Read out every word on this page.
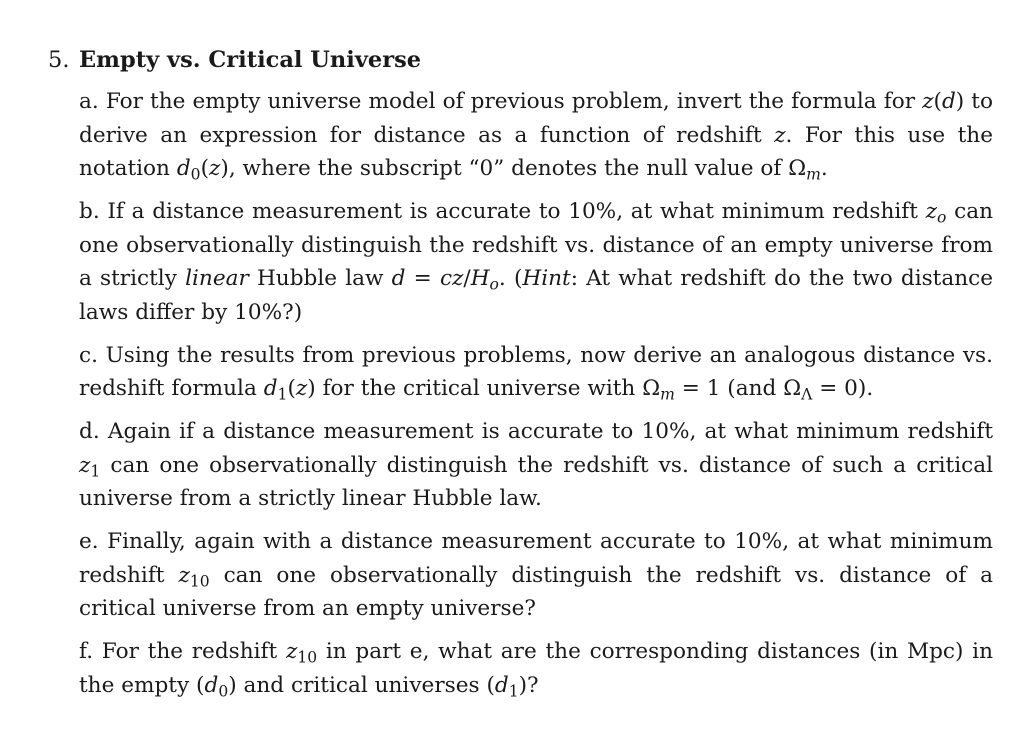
5. Empty vs. Critical Universe
a. For the empty universe model of previous problem, invert the formula for z(d) to derive an expression for distance as a function of redshift z. For this use the notation $d_0(z)$, where the subscript “0” denotes the null value of $\Omega_m$.
b. If a distance measurement is accurate to 10%, at what minimum redshift $z_o$ can one observationally distinguish the redshift vs. distance of an empty universe from a strictly linear Hubble law $d = cz/H_o$. (Hint: At what redshift do the two distance laws differ by 10%?)
c. Using the results from previous problems, now derive an analogous distance vs. redshift formula $d_1(z)$ for the critical universe with $\Omega_m = 1$ (and $\Omega_\Lambda = 0$).
d. Again if a distance measurement is accurate to 10%, at what minimum redshift $z_1$ can one observationally distinguish the redshift vs. distance of such a critical universe from a strictly linear Hubble law.
e. Finally, again with a distance measurement accurate to 10%, at what minimum redshift $z_{10}$ can one observationally distinguish the redshift vs. distance of a critical universe from an empty universe?
f. For the redshift $z_{10}$ in part e, what are the corresponding distances (in Mpc) in the empty $(d_0)$ and critical universes $(d_1)$?
